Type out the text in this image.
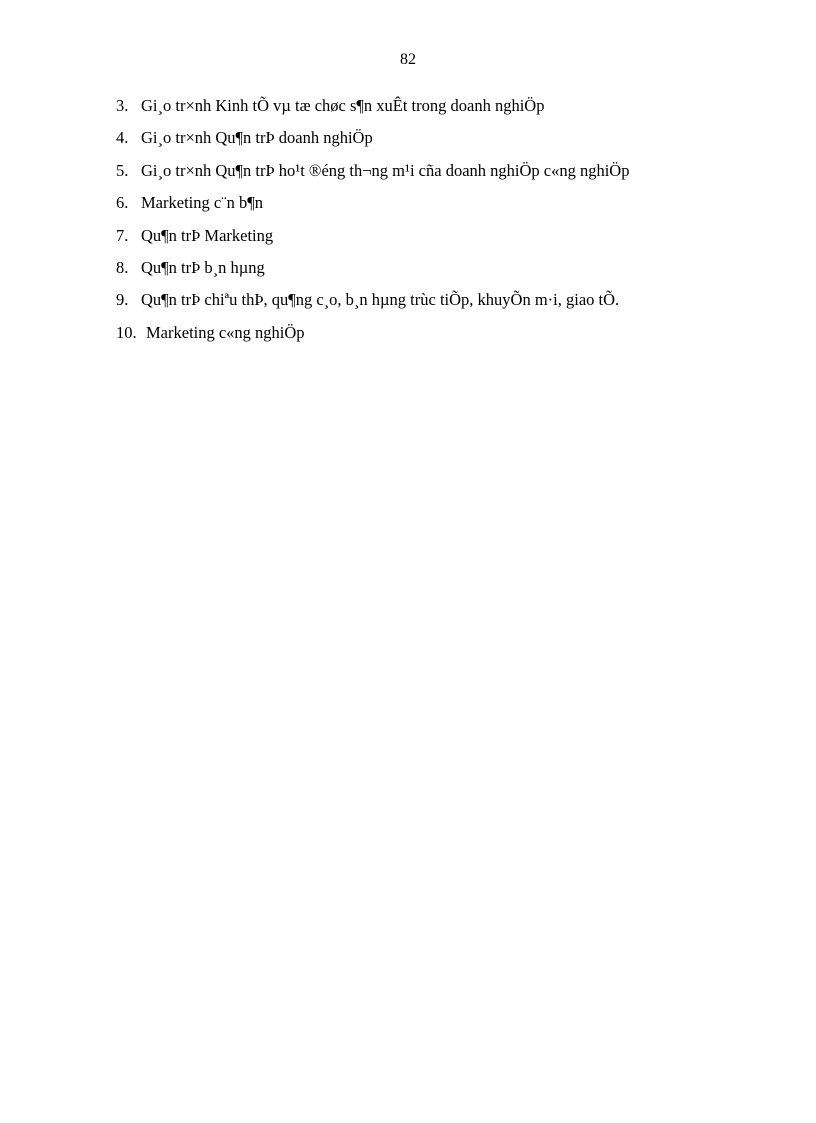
82
3. Gi¸o tr×nh Kinh tÕ vµ tæ chøc s¶n xuÊt trong doanh nghiÖp
4. Gi¸o tr×nh Qu¶n trÞ doanh nghiÖp
5. Gi¸o tr×nh Qu¶n trÞ ho¹t ®éng th¬ng m¹i cña doanh nghiÖp c«ng nghiÖp
6. Marketing c¨n b¶n
7. Qu¶n trÞ Marketing
8. Qu¶n trÞ b¸n hµng
9. Qu¶n trÞ chiªu thÞ, qu¶ng c¸o, b¸n hµng trùc tiÕp, khuyÕn m·i, giao tÕ.
10. Marketing c«ng nghiÖp
